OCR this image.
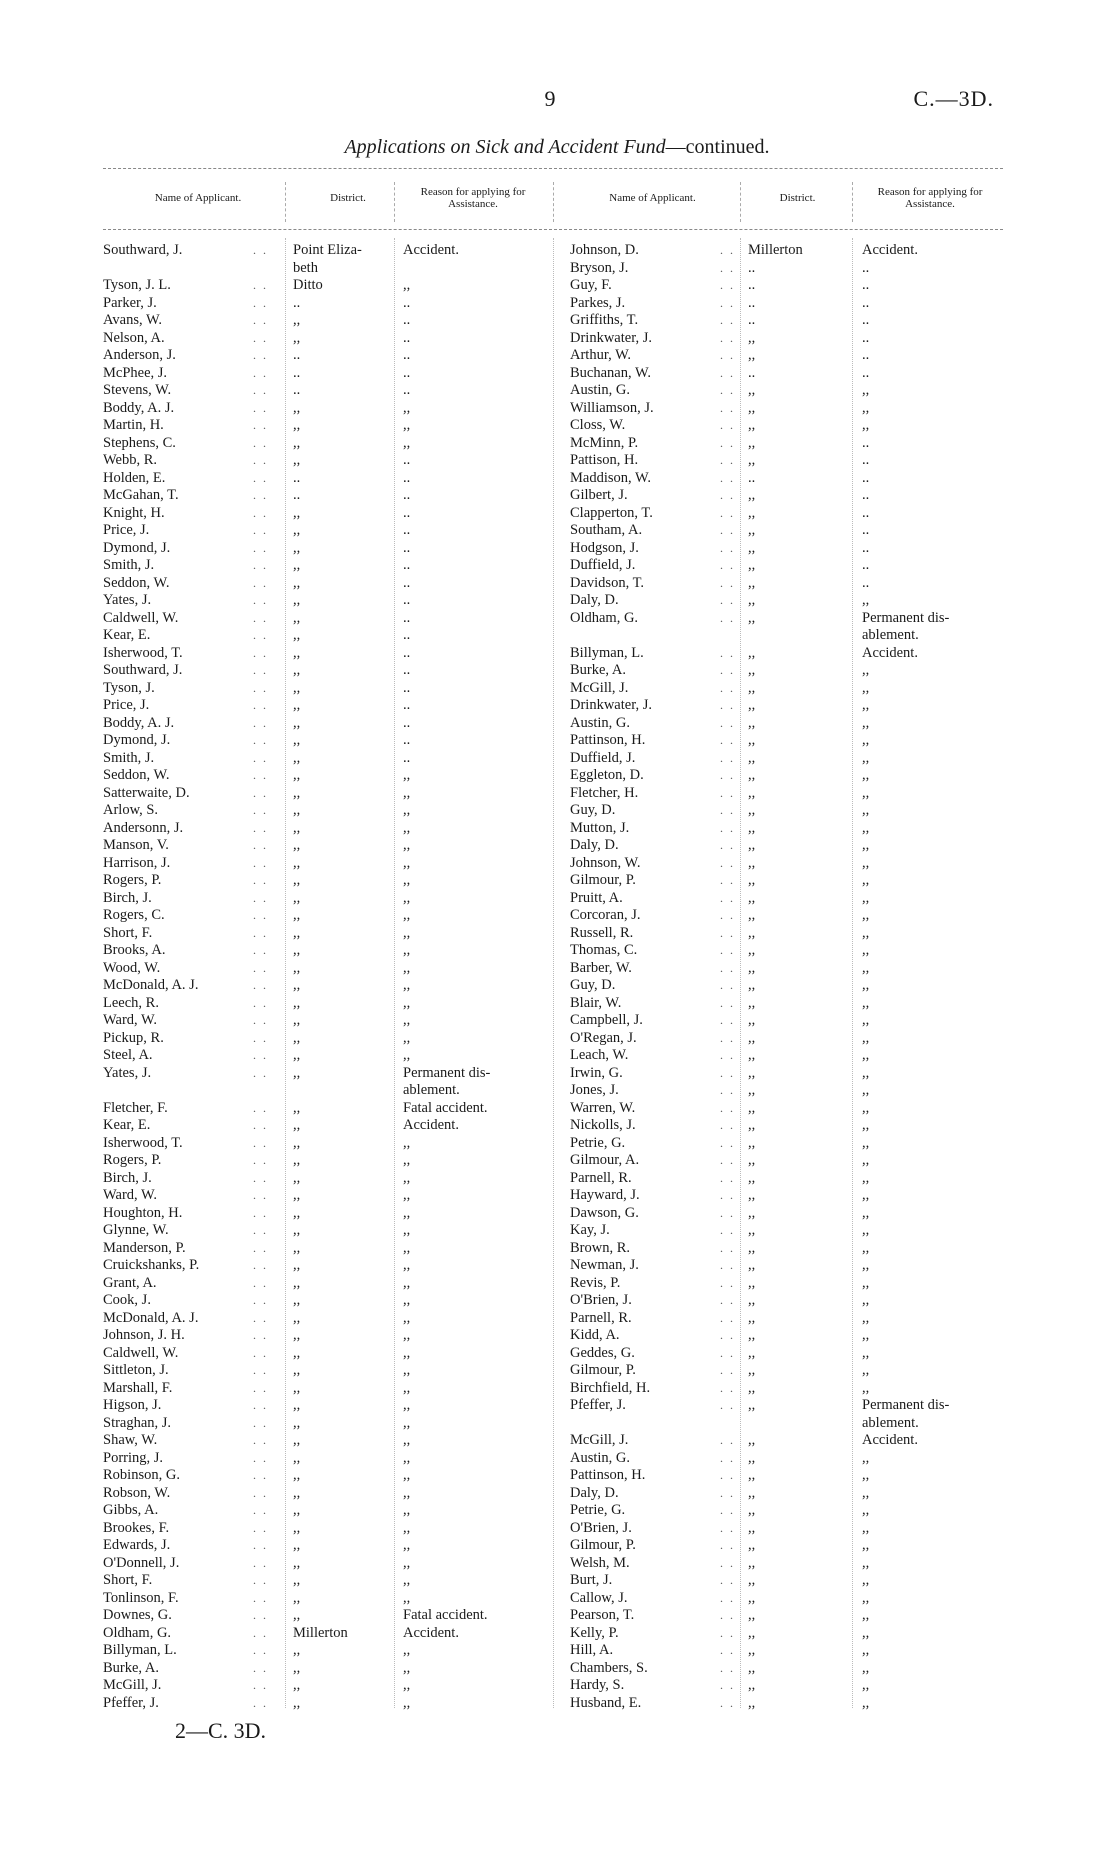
9	C.—3D.
Applications on Sick and Accident Fund—continued.
Name of Applicant.	District.	Reason for applying for Assistance.	Name of Applicant.	District.	Reason for applying for Assistance.
Southward, J.	. . Point Eliza-	Accident.
beth
Tyson, J. L.	. . Ditto	,,
Parker, J.	. . ..	..
Avans, W.	. . ,,	..
Nelson, A.	. . ,,	..
Anderson, J.	. . ..	..
McPhee, J.	. . ..	..
Stevens, W.	. . ..	..
Boddy, A. J.	. . ,,	,,
Martin, H.	. . ,,	,,
Stephens, C.	. . ,,	,,
Webb, R.	. . ,,	..
Holden, E.	. . ..	..
McGahan, T.	. . ..	..
Knight, H.	. . ,,	..
Price, J.	. . ,,	..
Dymond, J.	. . ,,	..
Smith, J.	. . ,,	..
Seddon, W.	. . ,,	..
Yates, J.	. . ,,	..
Caldwell, W.	. . ,,	..
Kear, E.	. . ,,	..
Isherwood, T.	. . ,,	..
Southward, J.	. . ,,	..
Tyson, J.	. . ,,	..
Price, J.	. . ,,	..
Boddy, A. J.	. . ,,	..
Dymond, J.	. . ,,	..
Smith, J.	. . ,,	..
Seddon, W.	. . ,,	,,
Satterwaite, D.	. . ,,	,,
Arlow, S.	. . ,,	,,
Andersonn, J.	. . ,,	,,
Manson, V.	. . ,,	,,
Harrison, J.	. . ,,	,,
Rogers, P.	. . ,,	,,
Birch, J.	. . ,,	,,
Rogers, C.	. . ,,	,,
Short, F.	. . ,,	,,
Brooks, A.	. . ,,	,,
Wood, W.	. . ,,	,,
McDonald, A. J.	. . ,,	,,
Leech, R.	. . ,,	,,
Ward, W.	. . ,,	,,
Pickup, R.	. . ,,	,,
Steel, A.	. . ,,	,,
Yates, J.	. . ,,	Permanent dis-
ablement.
Fletcher, F.	. . ,,	Fatal accident.
Kear, E.	. . ,,	Accident.
Isherwood, T.	. . ,,	,,
Rogers, P.	. . ,,	,,
Birch, J.	. . ,,	,,
Ward, W.	. . ,,	,,
Houghton, H.	. . ,,	,,
Glynne, W.	. . ,,	,,
Manderson, P.	. . ,,	,,
Cruickshanks, P.	. . ,,	,,
Grant, A.	. . ,,	,,
Cook, J.	. . ,,	,,
McDonald, A. J.	. . ,,	,,
Johnson, J. H.	. . ,,	,,
Caldwell, W.	. . ,,	,,
Sittleton, J.	. . ,,	,,
Marshall, F.	. . ,,	,,
Higson, J.	. . ,,	,,
Straghan, J.	. . ,,	,,
Shaw, W.	. . ,,	,,
Porring, J.	. . ,,	,,
Robinson, G.	. . ,,	,,
Robson, W.	. . ,,	,,
Gibbs, A.	. . ,,	,,
Brookes, F.	. . ,,	,,
Edwards, J.	. . ,,	,,
O'Donnell, J.	. . ,,	,,
Short, F.	. . ,,	,,
Tonlinson, F.	. . ,,	,,
Downes, G.	. . ,,	Fatal accident.
Oldham, G.	. . Millerton	Accident.
Billyman, L.	. . ,,	,,
Burke, A.	. . ,,	,,
McGill, J.	. . ,,	,,
Pfeffer, J.	. . ,,	,,
Johnson, D.	. . Millerton	Accident.
Bryson, J.	. . ..	..
Guy, F.	. . ..	..
Parkes, J.	. . ..	..
Griffiths, T.	. . ..	..
Drinkwater, J.	. . ,,	..
Arthur, W.	. . ,,	..
Buchanan, W.	. . ..	..
Austin, G.	. . ,,	,,
Williamson, J.	. . ,,	,,
Closs, W.	. . ,,	,,
McMinn, P.	. . ,,	..
Pattison, H.	. . ,,	..
Maddison, W.	. . ..	..
Gilbert, J.	. . ,,	..
Clapperton, T.	. . ,,	..
Southam, A.	. . ,,	..
Hodgson, J.	. . ,,	..
Duffield, J.	. . ,,	..
Davidson, T.	. . ,,	..
Daly, D.	. . ,,	,,
Oldham, G.	. . ,,	Permanent dis-
ablement.
Billyman, L.	. . ,,	Accident.
Burke, A.	. . ,,	,,
McGill, J.	. . ,,	,,
Drinkwater, J.	. . ,,	,,
Austin, G.	. . ,,	,,
Pattinson, H.	. . ,,	,,
Duffield, J.	. . ,,	,,
Eggleton, D.	. . ,,	,,
Fletcher, H.	. . ,,	,,
Guy, D.	. . ,,	,,
Mutton, J.	. . ,,	,,
Daly, D.	. . ,,	,,
Johnson, W.	. . ,,	,,
Gilmour, P.	. . ,,	,,
Pruitt, A.	. . ,,	,,
Corcoran, J.	. . ,,	,,
Russell, R.	. . ,,	,,
Thomas, C.	. . ,,	,,
Barber, W.	. . ,,	,,
Guy, D.	. . ,,	,,
Blair, W.	. . ,,	,,
Campbell, J.	. . ,,	,,
O'Regan, J.	. . ,,	,,
Leach, W.	. . ,,	,,
Irwin, G.	. . ,,	,,
Jones, J.	. . ,,	,,
Warren, W.	. . ,,	,,
Nickolls, J.	. . ,,	,,
Petrie, G.	. . ,,	,,
Gilmour, A.	. . ,,	,,
Parnell, R.	. . ,,	,,
Hayward, J.	. . ,,	,,
Dawson, G.	. . ,,	,,
Kay, J.	. . ,,	,,
Brown, R.	. . ,,	,,
Newman, J.	. . ,,	,,
Revis, P.	. . ,,	,,
O'Brien, J.	. . ,,	,,
Parnell, R.	. . ,,	,,
Kidd, A.	. . ,,	,,
Geddes, G.	. . ,,	,,
Gilmour, P.	. . ,,	,,
Birchfield, H.	. . ,,	,,
Pfeffer, J.	. . ,,	Permanent dis-
ablement.
McGill, J.	. . ,,	Accident.
Austin, G.	. . ,,	,,
Pattinson, H.	. . ,,	,,
Daly, D.	. . ,,	,,
Petrie, G.	. . ,,	,,
O'Brien, J.	. . ,,	,,
Gilmour, P.	. . ,,	,,
Welsh, M.	. . ,,	,,
Burt, J.	. . ,,	,,
Callow, J.	. . ,,	,,
Pearson, T.	. . ,,	,,
Kelly, P.	. . ,,	,,
Hill, A.	. . ,,	,,
Chambers, S.	. . ,,	,,
Hardy, S.	. . ,,	,,
Husband, E.	. . ,,	,,
2—C. 3D.
